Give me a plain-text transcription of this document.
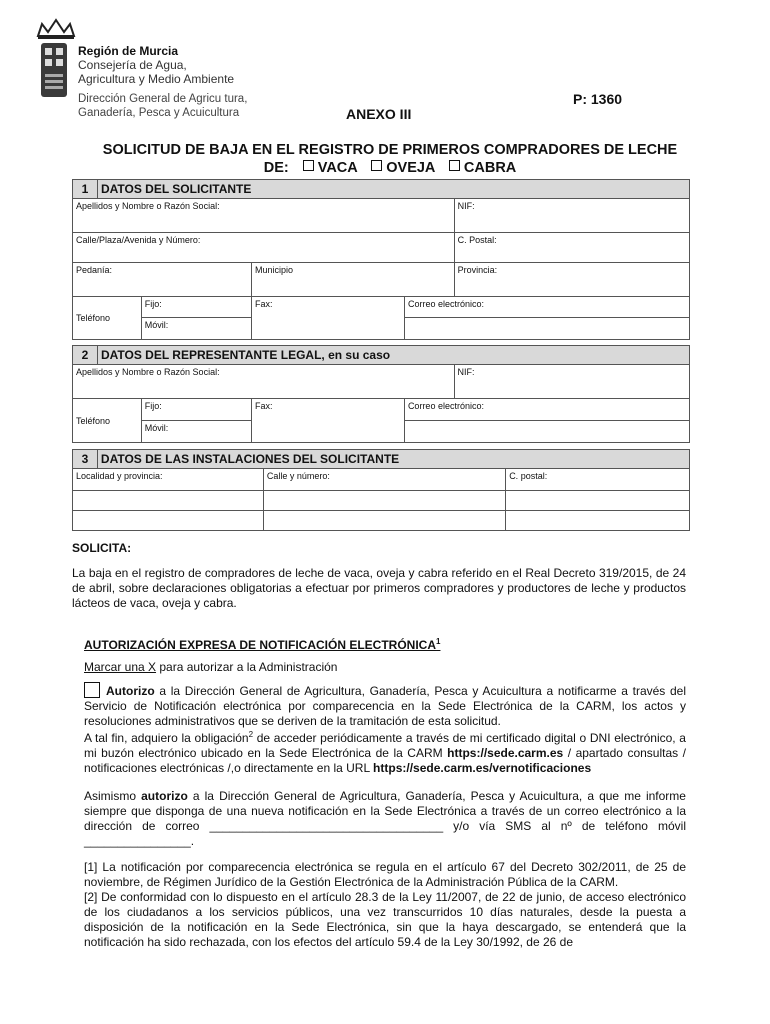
Región de Murcia
Consejería de Agua,
Agricultura y Medio Ambiente
Dirección General de Agricu tura,
Ganadería, Pesca y Acuicultura
P: 1360
ANEXO III
SOLICITUD DE BAJA EN EL REGISTRO DE PRIMEROS COMPRADORES DE LECHE
DE: VACA OVEJA CABRA
1	DATOS DEL SOLICITANTE				
Apellidos y Nombre o Razón Social:					NIF:
Calle/Plaza/Avenida y Número:					C. Postal:
Pedanía:			Municipio		Provincia:
Teléfono		Fijo:	Fax:	Correo electrónico:	
		Móvil:			
2	DATOS DEL REPRESENTANTE LEGAL, en su caso				
Apellidos y Nombre o Razón Social:					NIF:
Teléfono		Fijo:	Fax:	Correo electrónico:	
		Móvil:			
3	DATOS DE LAS INSTALACIONES DEL SOLICITANTE		
Localidad y provincia:		Calle y número:	C. postal:

SOLICITA:
La baja en el registro de compradores de leche de vaca, oveja y cabra referido en el Real Decreto 319/2015, de 24 de abril, sobre declaraciones obligatorias a efectuar por primeros compradores y productores de leche y productos lácteos de vaca, oveja y cabra.
AUTORIZACIÓN EXPRESA DE NOTIFICACIÓN ELECTRÓNICA$^1$
Marcar una X para autorizar a la Administración
Autorizo a la Dirección General de Agricultura, Ganadería, Pesca y Acuicultura a notificarme a través del Servicio de Notificación electrónica por comparecencia en la Sede Electrónica de la CARM, los actos y resoluciones administrativos que se deriven de la tramitación de esta solicitud.
A tal fin, adquiero la obligación$^2$ de acceder periódicamente a través de mi certificado digital o DNI electrónico, a mi buzón electrónico ubicado en la Sede Electrónica de la CARM https://sede.carm.es / apartado consultas / notificaciones electrónicas /,o directamente en la URL https://sede.carm.es/vernotificaciones
Asimismo autorizo a la Dirección General de Agricultura, Ganadería, Pesca y Acuicultura, a que me informe siempre que disponga de una nueva notificación en la Sede Electrónica a través de un correo electrónico a la dirección de correo ___________________________________ y/o vía SMS al nº de teléfono móvil ________________.
[1] La notificación por comparecencia electrónica se regula en el artículo 67 del Decreto 302/2011, de 25 de noviembre, de Régimen Jurídico de la Gestión Electrónica de la Administración Pública de la CARM.
[2] De conformidad con lo dispuesto en el artículo 28.3 de la Ley 11/2007, de 22 de junio, de acceso electrónico de los ciudadanos a los servicios públicos, una vez transcurridos 10 días naturales, desde la puesta a disposición de la notificación en la Sede Electrónica, sin que la haya descargado, se entenderá que la notificación ha sido rechazada, con los efectos del artículo 59.4 de la Ley 30/1992, de 26 de
